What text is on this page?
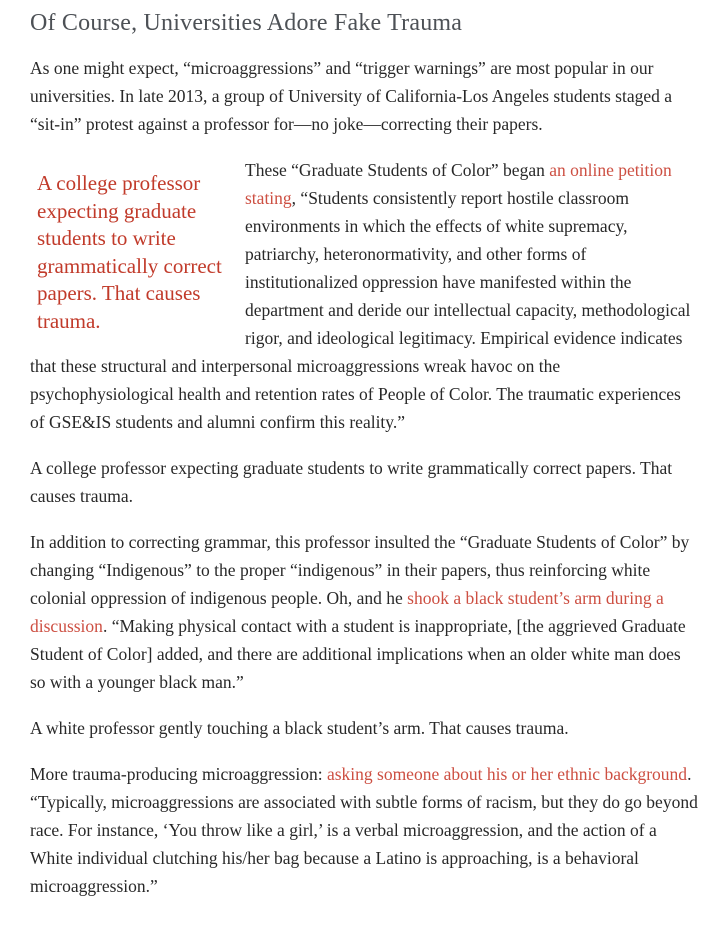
Of Course, Universities Adore Fake Trauma

As one might expect, “microaggressions” and “trigger warnings” are most popular in our universities. In late 2013, a group of University of California-Los Angeles students staged a “sit-in” protest against a professor for—no joke—correcting their papers.

A college professor expecting graduate students to write grammatically correct papers. That causes trauma.

These “Graduate Students of Color” began an online petition stating, “Students consistently report hostile classroom environments in which the effects of white supremacy, patriarchy, heteronormativity, and other forms of institutionalized oppression have manifested within the department and deride our intellectual capacity, methodological rigor, and ideological legitimacy. Empirical evidence indicates that these structural and interpersonal microaggressions wreak havoc on the psychophysiological health and retention rates of People of Color. The traumatic experiences of GSE&IS students and alumni confirm this reality.”

A college professor expecting graduate students to write grammatically correct papers. That causes trauma.

In addition to correcting grammar, this professor insulted the “Graduate Students of Color” by changing “Indigenous” to the proper “indigenous” in their papers, thus reinforcing white colonial oppression of indigenous people. Oh, and he shook a black student’s arm during a discussion. “Making physical contact with a student is inappropriate, [the aggrieved Graduate Student of Color] added, and there are additional implications when an older white man does so with a younger black man.”

A white professor gently touching a black student’s arm. That causes trauma.

More trauma-producing microaggression: asking someone about his or her ethnic background. “Typically, microaggressions are associated with subtle forms of racism, but they do go beyond race. For instance, ‘You throw like a girl,’ is a verbal microaggression, and the action of a White individual clutching his/her bag because a Latino is approaching, is a behavioral microaggression.”
